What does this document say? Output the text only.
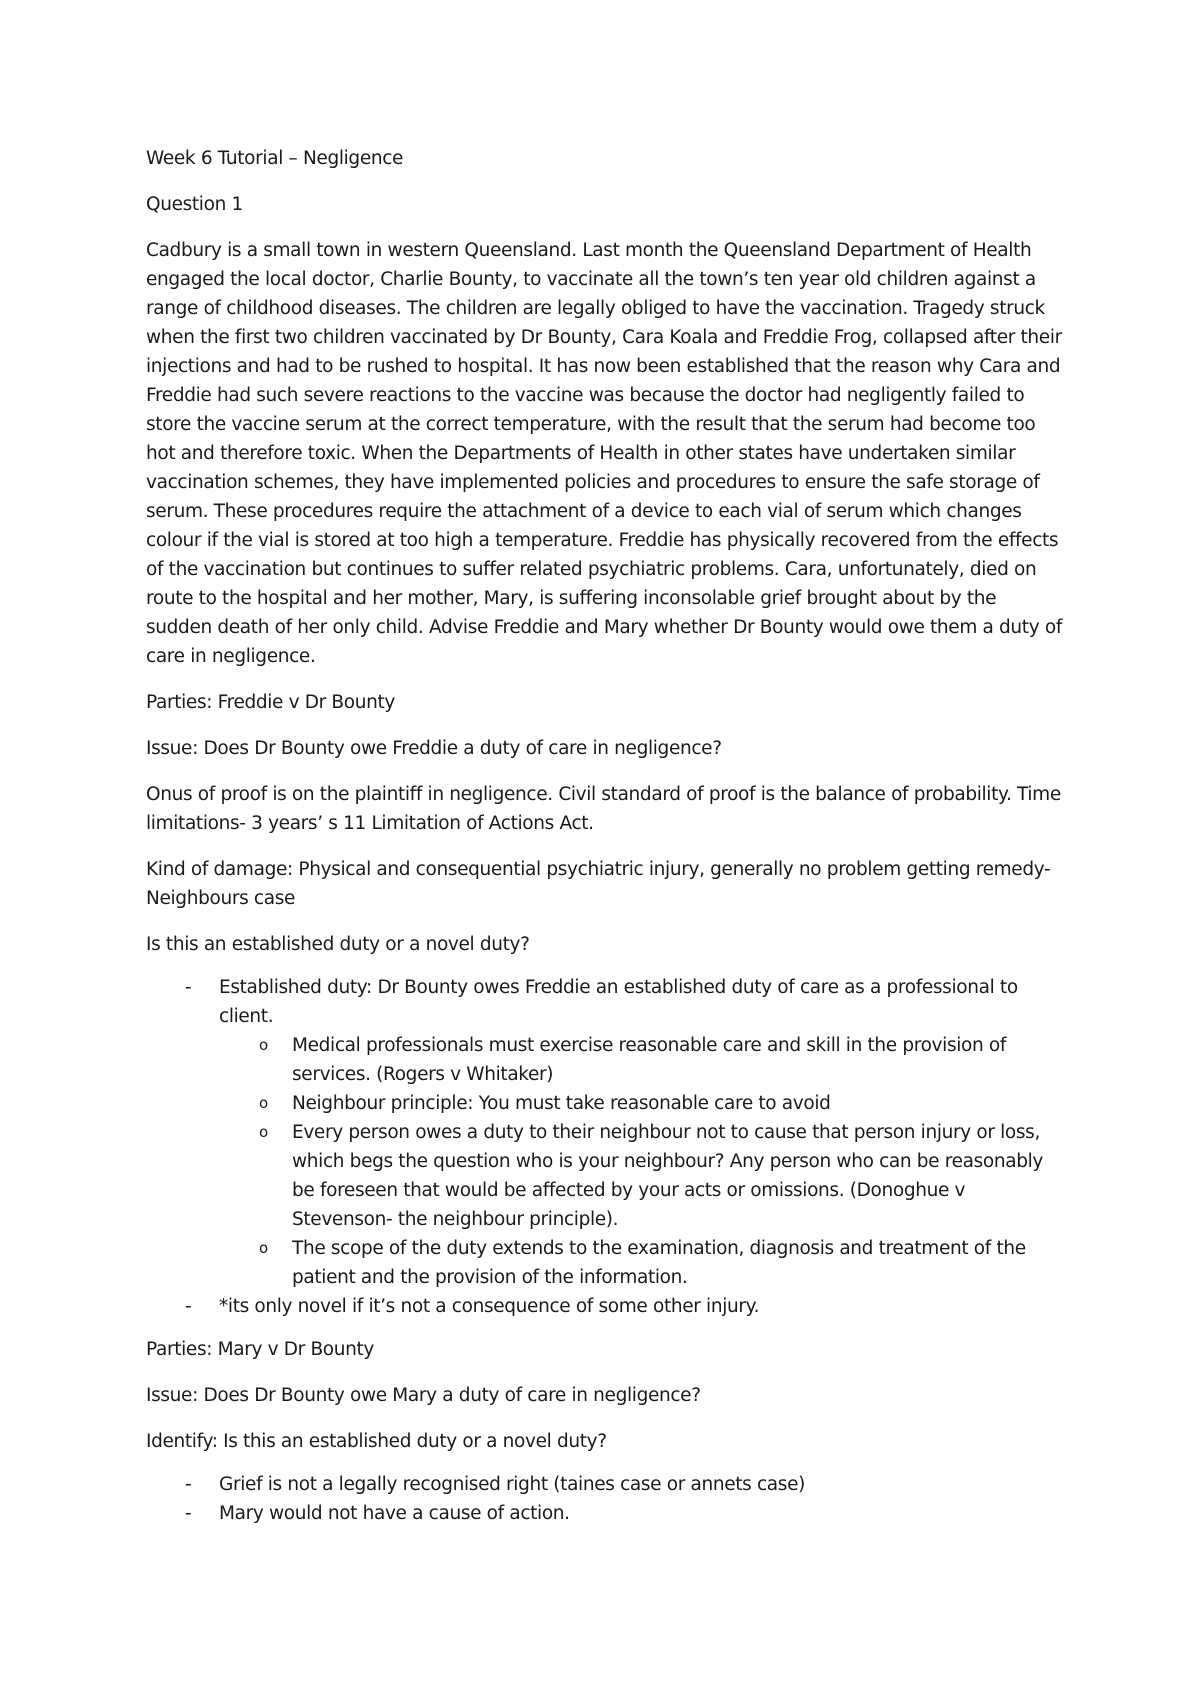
Week 6 Tutorial – Negligence

Question 1

Cadbury is a small town in western Queensland. Last month the Queensland Department of Health engaged the local doctor, Charlie Bounty, to vaccinate all the town’s ten year old children against a range of childhood diseases. The children are legally obliged to have the vaccination. Tragedy struck when the first two children vaccinated by Dr Bounty, Cara Koala and Freddie Frog, collapsed after their injections and had to be rushed to hospital. It has now been established that the reason why Cara and Freddie had such severe reactions to the vaccine was because the doctor had negligently failed to store the vaccine serum at the correct temperature, with the result that the serum had become too hot and therefore toxic. When the Departments of Health in other states have undertaken similar vaccination schemes, they have implemented policies and procedures to ensure the safe storage of serum. These procedures require the attachment of a device to each vial of serum which changes colour if the vial is stored at too high a temperature. Freddie has physically recovered from the effects of the vaccination but continues to suffer related psychiatric problems. Cara, unfortunately, died on route to the hospital and her mother, Mary, is suffering inconsolable grief brought about by the sudden death of her only child. Advise Freddie and Mary whether Dr Bounty would owe them a duty of care in negligence.

Parties: Freddie v Dr Bounty

Issue: Does Dr Bounty owe Freddie a duty of care in negligence?

Onus of proof is on the plaintiff in negligence. Civil standard of proof is the balance of probability. Time limitations- 3 years’ s 11 Limitation of Actions Act.

Kind of damage: Physical and consequential psychiatric injury, generally no problem getting remedy- Neighbours case

Is this an established duty or a novel duty?

- Established duty: Dr Bounty owes Freddie an established duty of care as a professional to client.
o Medical professionals must exercise reasonable care and skill in the provision of services. (Rogers v Whitaker)
o Neighbour principle: You must take reasonable care to avoid
o Every person owes a duty to their neighbour not to cause that person injury or loss, which begs the question who is your neighbour? Any person who can be reasonably be foreseen that would be affected by your acts or omissions. (Donoghue v Stevenson- the neighbour principle).
o The scope of the duty extends to the examination, diagnosis and treatment of the patient and the provision of the information.
- *its only novel if it’s not a consequence of some other injury.

Parties: Mary v Dr Bounty

Issue: Does Dr Bounty owe Mary a duty of care in negligence?

Identify: Is this an established duty or a novel duty?

- Grief is not a legally recognised right (taines case or annets case)
- Mary would not have a cause of action.
